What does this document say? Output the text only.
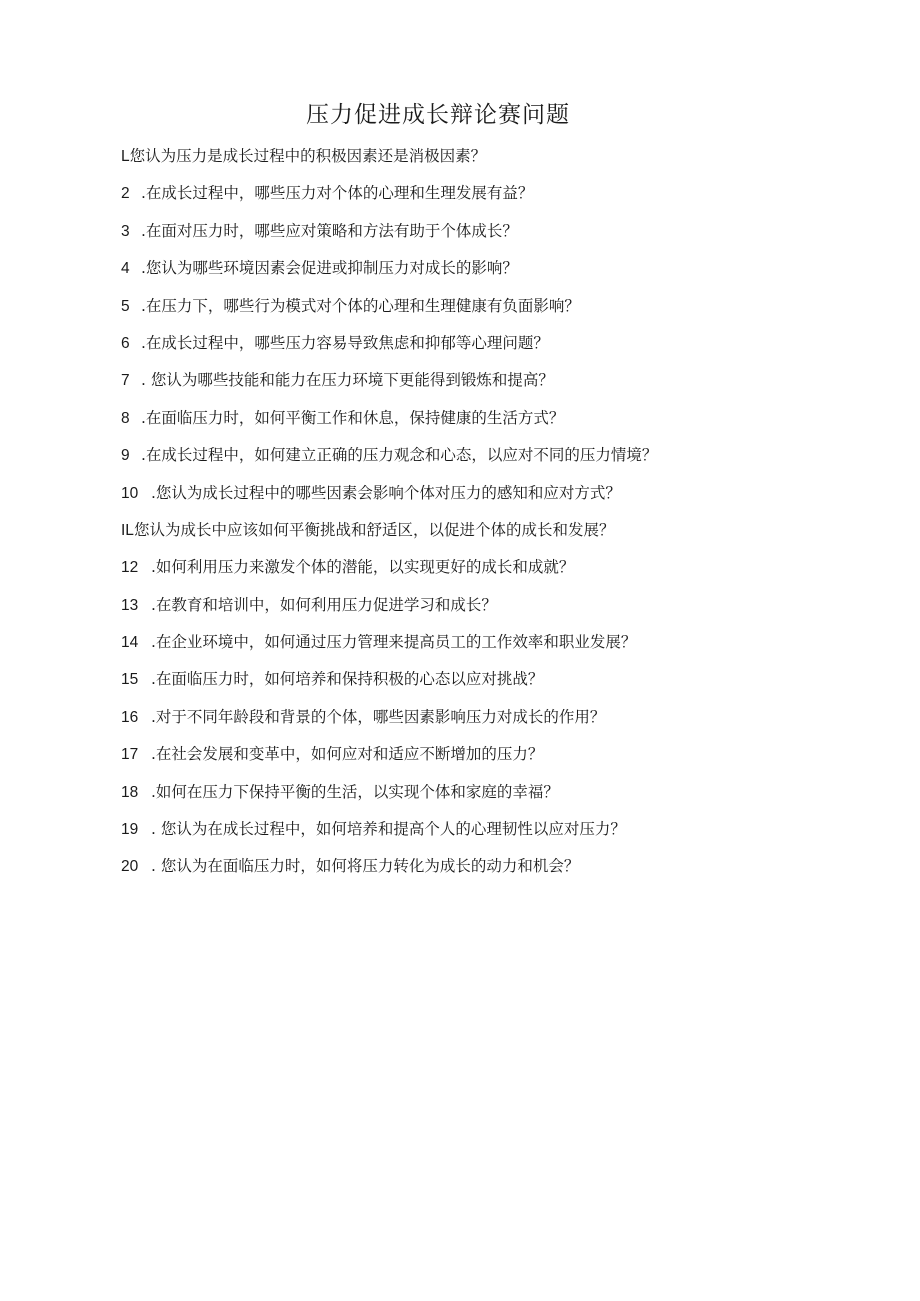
压力促进成长辩论赛问题
L您认为压力是成长过程中的积极因素还是消极因素？
2 .在成长过程中，哪些压力对个体的心理和生理发展有益？
3 .在面对压力时，哪些应对策略和方法有助于个体成长？
4 .您认为哪些环境因素会促进或抑制压力对成长的影响？
5 .在压力下，哪些行为模式对个体的心理和生理健康有负面影响？
6 .在成长过程中，哪些压力容易导致焦虑和抑郁等心理问题？
7 . 您认为哪些技能和能力在压力环境下更能得到锻炼和提高？
8 .在面临压力时，如何平衡工作和休息，保持健康的生活方式？
9 .在成长过程中，如何建立正确的压力观念和心态，以应对不同的压力情境？
10 .您认为成长过程中的哪些因素会影响个体对压力的感知和应对方式？
IL您认为成长中应该如何平衡挑战和舒适区，以促进个体的成长和发展？
12 .如何利用压力来激发个体的潜能，以实现更好的成长和成就？
13 .在教育和培训中，如何利用压力促进学习和成长？
14 .在企业环境中，如何通过压力管理来提高员工的工作效率和职业发展？
15 .在面临压力时，如何培养和保持积极的心态以应对挑战？
16 .对于不同年龄段和背景的个体，哪些因素影响压力对成长的作用？
17 .在社会发展和变革中，如何应对和适应不断增加的压力？
18 .如何在压力下保持平衡的生活，以实现个体和家庭的幸福？
19 . 您认为在成长过程中，如何培养和提高个人的心理韧性以应对压力？
20 . 您认为在面临压力时，如何将压力转化为成长的动力和机会？
